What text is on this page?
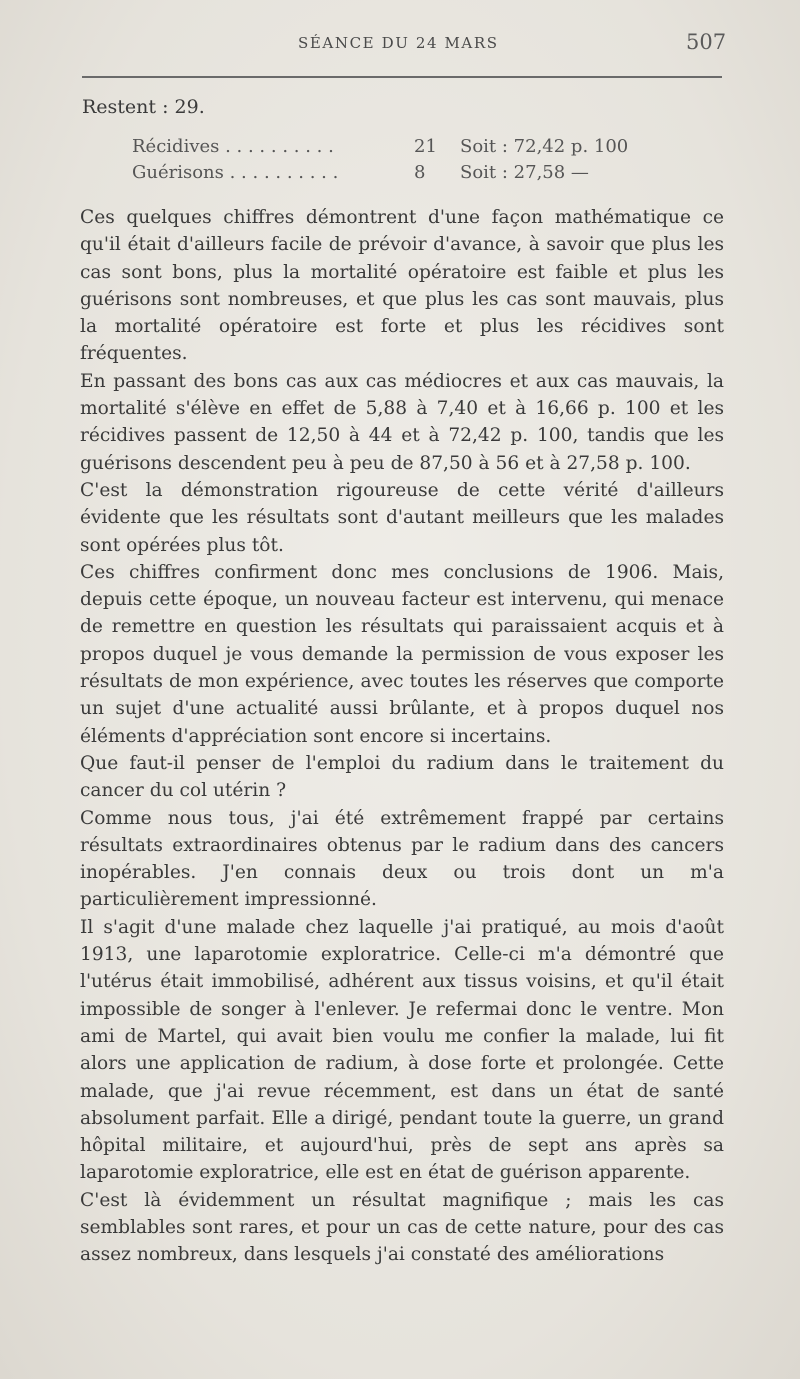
SÉANCE DU 24 MARS	507
Restent : 29.
Récidives . . . . . . . . . .	21 Soit : 72,42 p. 100
Guérisons . . . . . . . . . .	8 Soit : 27,58 —

Ces quelques chiffres démontrent d'une façon mathématique ce qu'il était d'ailleurs facile de prévoir d'avance, à savoir que plus les cas sont bons, plus la mortalité opératoire est faible et plus les guérisons sont nombreuses, et que plus les cas sont mauvais, plus la mortalité opératoire est forte et plus les récidives sont fréquentes.

En passant des bons cas aux cas médiocres et aux cas mauvais, la mortalité s'élève en effet de 5,88 à 7,40 et à 16,66 p. 100 et les récidives passent de 12,50 à 44 et à 72,42 p. 100, tandis que les guérisons descendent peu à peu de 87,50 à 56 et à 27,58 p. 100.

C'est la démonstration rigoureuse de cette vérité d'ailleurs évidente que les résultats sont d'autant meilleurs que les malades sont opérées plus tôt.

Ces chiffres confirment donc mes conclusions de 1906. Mais, depuis cette époque, un nouveau facteur est intervenu, qui menace de remettre en question les résultats qui paraissaient acquis et à propos duquel je vous demande la permission de vous exposer les résultats de mon expérience, avec toutes les réserves que comporte un sujet d'une actualité aussi brûlante, et à propos duquel nos éléments d'appréciation sont encore si incertains.

Que faut-il penser de l'emploi du radium dans le traitement du cancer du col utérin ?

Comme nous tous, j'ai été extrêmement frappé par certains résultats extraordinaires obtenus par le radium dans des cancers inopérables. J'en connais deux ou trois dont un m'a particulièrement impressionné.

Il s'agit d'une malade chez laquelle j'ai pratiqué, au mois d'août 1913, une laparotomie exploratrice. Celle-ci m'a démontré que l'utérus était immobilisé, adhérent aux tissus voisins, et qu'il était impossible de songer à l'enlever. Je refermai donc le ventre. Mon ami de Martel, qui avait bien voulu me confier la malade, lui fit alors une application de radium, à dose forte et prolongée. Cette malade, que j'ai revue récemment, est dans un état de santé absolument parfait. Elle a dirigé, pendant toute la guerre, un grand hôpital militaire, et aujourd'hui, près de sept ans après sa laparotomie exploratrice, elle est en état de guérison apparente.

C'est là évidemment un résultat magnifique ; mais les cas semblables sont rares, et pour un cas de cette nature, pour des cas assez nombreux, dans lesquels j'ai constaté des améliorations
